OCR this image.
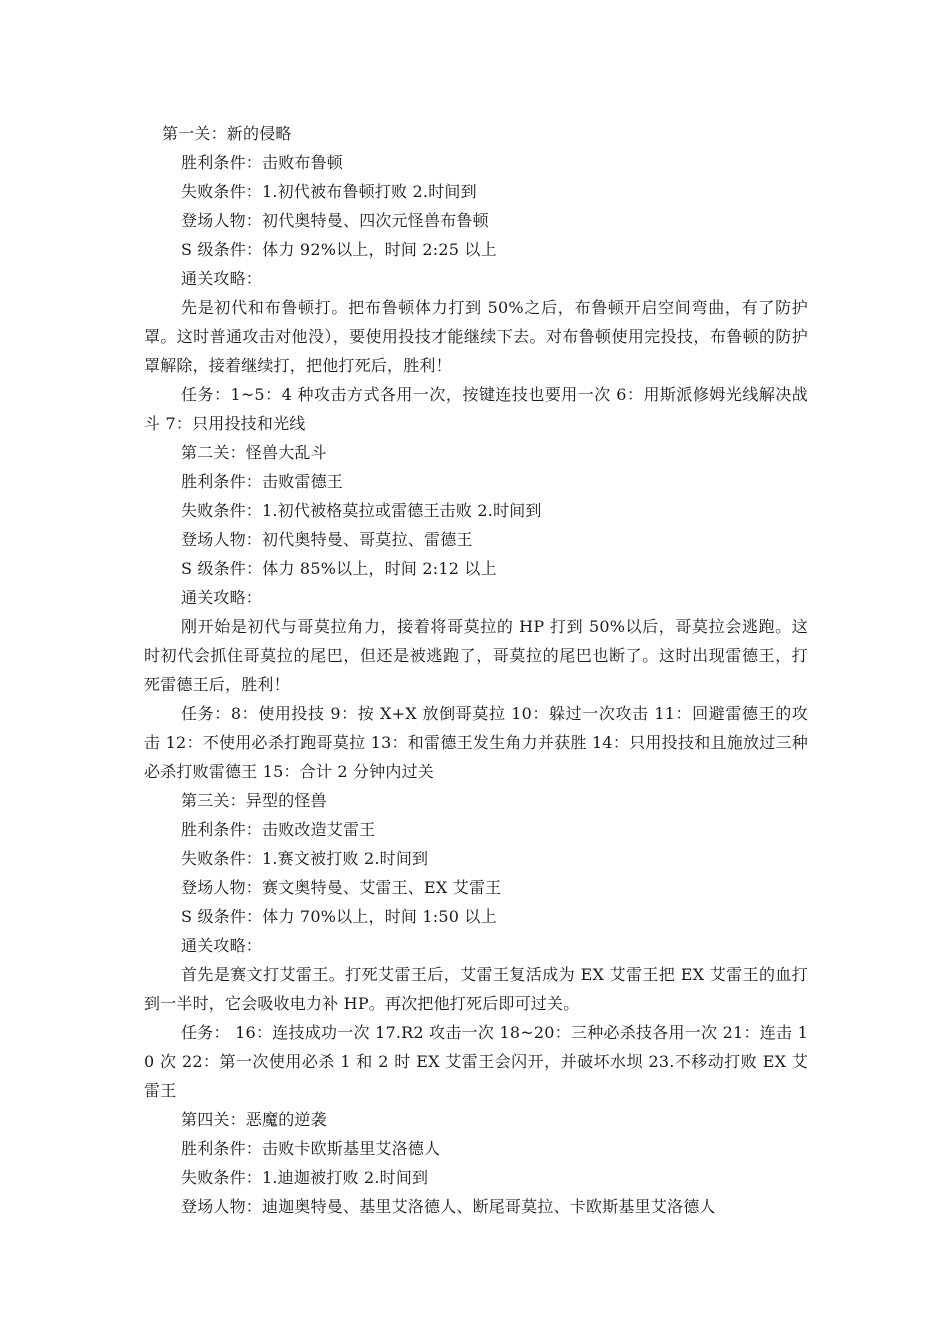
第一关：新的侵略

胜利条件：击败布鲁顿

失败条件：1.初代被布鲁顿打败 2.时间到

登场人物：初代奥特曼、四次元怪兽布鲁顿

S 级条件：体力 92%以上，时间 2:25 以上

通关攻略：

先是初代和布鲁顿打。把布鲁顿体力打到 50%之后，布鲁顿开启空间弯曲，有了防护罩。这时普通攻击对他没），要使用投技才能继续下去。对布鲁顿使用完投技，布鲁顿的防护罩解除，接着继续打，把他打死后，胜利！

任务：1~5：4 种攻击方式各用一次，按键连技也要用一次 6：用斯派修姆光线解决战斗 7：只用投技和光线

第二关：怪兽大乱斗

胜利条件：击败雷德王

失败条件：1.初代被格莫拉或雷德王击败 2.时间到

登场人物：初代奥特曼、哥莫拉、雷德王

S 级条件：体力 85%以上，时间 2:12 以上

通关攻略：

刚开始是初代与哥莫拉角力，接着将哥莫拉的 HP 打到 50%以后，哥莫拉会逃跑。这时初代会抓住哥莫拉的尾巴，但还是被逃跑了，哥莫拉的尾巴也断了。这时出现雷德王，打死雷德王后，胜利！

任务：8：使用投技 9：按 X+X 放倒哥莫拉 10：躲过一次攻击 11：回避雷德王的攻击 12：不使用必杀打跑哥莫拉 13：和雷德王发生角力并获胜 14：只用投技和且施放过三种必杀打败雷德王 15：合计 2 分钟内过关

第三关：异型的怪兽

胜利条件：击败改造艾雷王

失败条件：1.赛文被打败 2.时间到

登场人物：赛文奥特曼、艾雷王、EX 艾雷王

S 级条件：体力 70%以上，时间 1:50 以上

通关攻略：

首先是赛文打艾雷王。打死艾雷王后，艾雷王复活成为 EX 艾雷王把 EX 艾雷王的血打到一半时，它会吸收电力补 HP。再次把他打死后即可过关。

任务： 16：连技成功一次 17.R2 攻击一次 18~20：三种必杀技各用一次 21：连击 10 次 22：第一次使用必杀 1 和 2 时 EX 艾雷王会闪开，并破坏水坝 23.不移动打败 EX 艾雷王

第四关：恶魔的逆袭

胜利条件：击败卡欧斯基里艾洛德人

失败条件：1.迪迦被打败 2.时间到

登场人物：迪迦奥特曼、基里艾洛德人、断尾哥莫拉、卡欧斯基里艾洛德人
